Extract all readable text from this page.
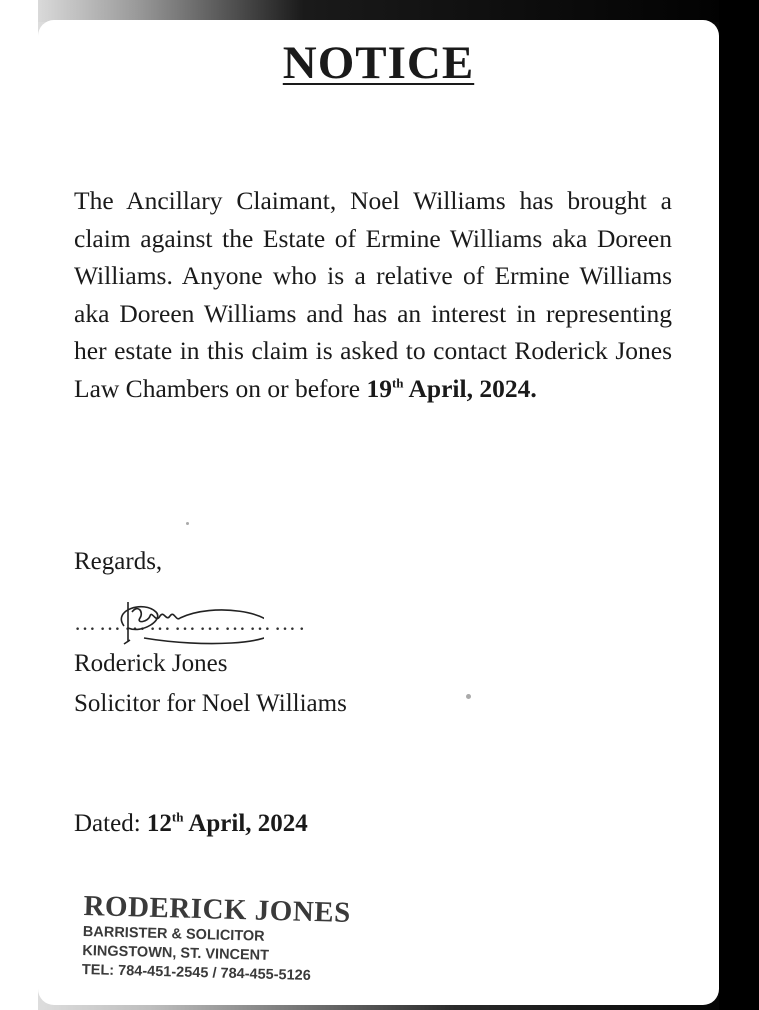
NOTICE
The Ancillary Claimant, Noel Williams has brought a claim against the Estate of Ermine Williams aka Doreen Williams. Anyone who is a relative of Ermine Williams aka Doreen Williams and has an interest in representing her estate in this claim is asked to contact Roderick Jones Law Chambers on or before 19th April, 2024.
Regards,
……………………….
Roderick Jones
Solicitor for Noel Williams
Dated: 12th April, 2024
RODERICK JONES
BARRISTER & SOLICITOR
KINGSTOWN, ST. VINCENT
TEL: 784-451-2545 / 784-455-5126
